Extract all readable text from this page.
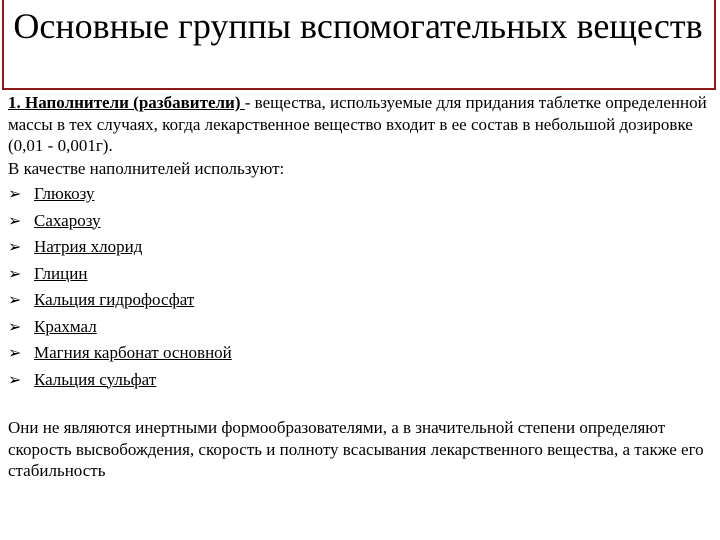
Основные группы вспомогательных веществ
1. Наполнители (разбавители) - вещества, используемые для придания таблетке определенной массы в тех случаях, когда лекарственное вещество входит в ее состав в небольшой дозировке (0,01 - 0,001г).
В качестве наполнителей используют:
➢ Глюкозу
➢ Сахарозу
➢ Натрия хлорид
➢ Глицин
➢ Кальция гидрофосфат
➢ Крахмал
➢ Магния карбонат основной
➢ Кальция сульфат
Они не являются инертными формообразователями, а в значительной степени определяют скорость высвобождения, скорость и полноту всасывания лекарственного вещества, а также его стабильность
